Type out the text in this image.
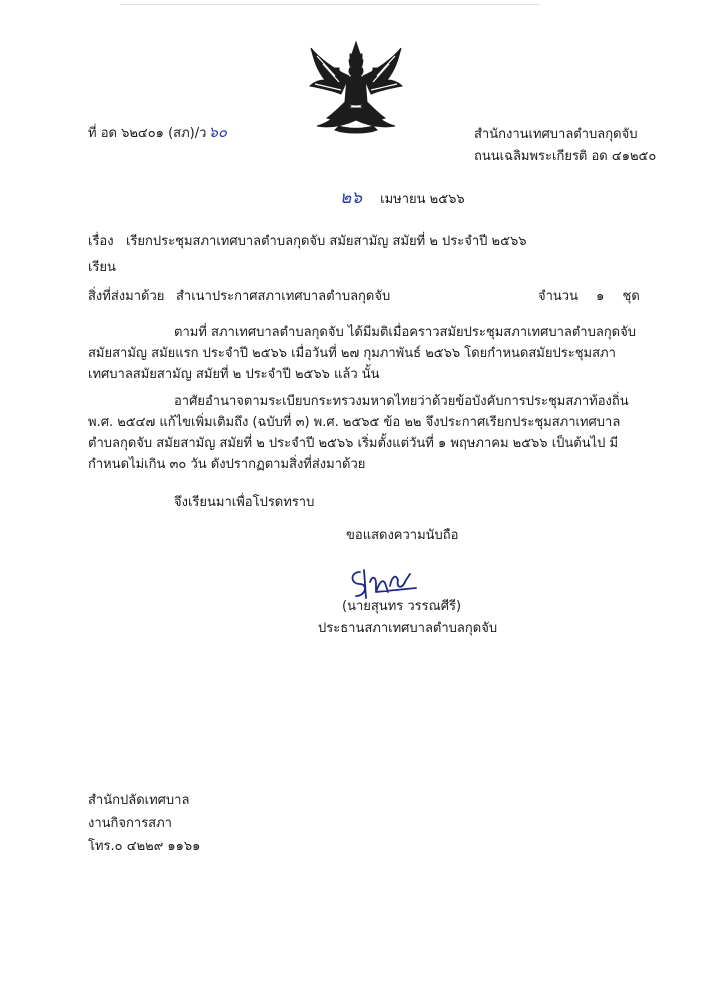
ที่ อด ๖๒๔๐๑ (สภ)/ว ๖๐	สำนักงานเทศบาลตำบลกุดจับ
ถนนเฉลิมพระเกียรติ อด ๔๑๒๕๐
๒๖ เมษายน ๒๕๖๖
เรื่อง เรียกประชุมสภาเทศบาลตำบลกุดจับ สมัยสามัญ สมัยที่ ๒ ประจำปี ๒๕๖๖
เรียน
สิ่งที่ส่งมาด้วย สำเนาประกาศสภาเทศบาลตำบลกุดจับ	จำนวน ๑ ชุด

ตามที่ สภาเทศบาลตำบลกุดจับ ได้มีมติเมื่อคราวสมัยประชุมสภาเทศบาลตำบลกุดจับ สมัยสามัญ สมัยแรก ประจำปี ๒๕๖๖ เมื่อวันที่ ๒๗ กุมภาพันธ์ ๒๕๖๖ โดยกำหนดสมัยประชุมสภาเทศบาลสมัยสามัญ สมัยที่ ๒ ประจำปี ๒๕๖๖ แล้ว นั้น

อาศัยอำนาจตามระเบียบกระทรวงมหาดไทยว่าด้วยข้อบังคับการประชุมสภาท้องถิ่น พ.ศ. ๒๕๔๗ แก้ไขเพิ่มเติมถึง (ฉบับที่ ๓) พ.ศ. ๒๕๖๕ ข้อ ๒๒ จึงประกาศเรียกประชุมสภาเทศบาลตำบลกุดจับ สมัยสามัญ สมัยที่ ๒ ประจำปี ๒๕๖๖ เริ่มตั้งแต่วันที่ ๑ พฤษภาคม ๒๕๖๖ เป็นต้นไป มีกำหนดไม่เกิน ๓๐ วัน ดังปรากฏตามสิ่งที่ส่งมาด้วย

จึงเรียนมาเพื่อโปรดทราบ
ขอแสดงความนับถือ
(นายสุนทร วรรณศีรี)
ประธานสภาเทศบาลตำบลกุดจับ
สำนักปลัดเทศบาล
งานกิจการสภา
โทร.๐ ๔๒๒๙ ๑๑๖๑
